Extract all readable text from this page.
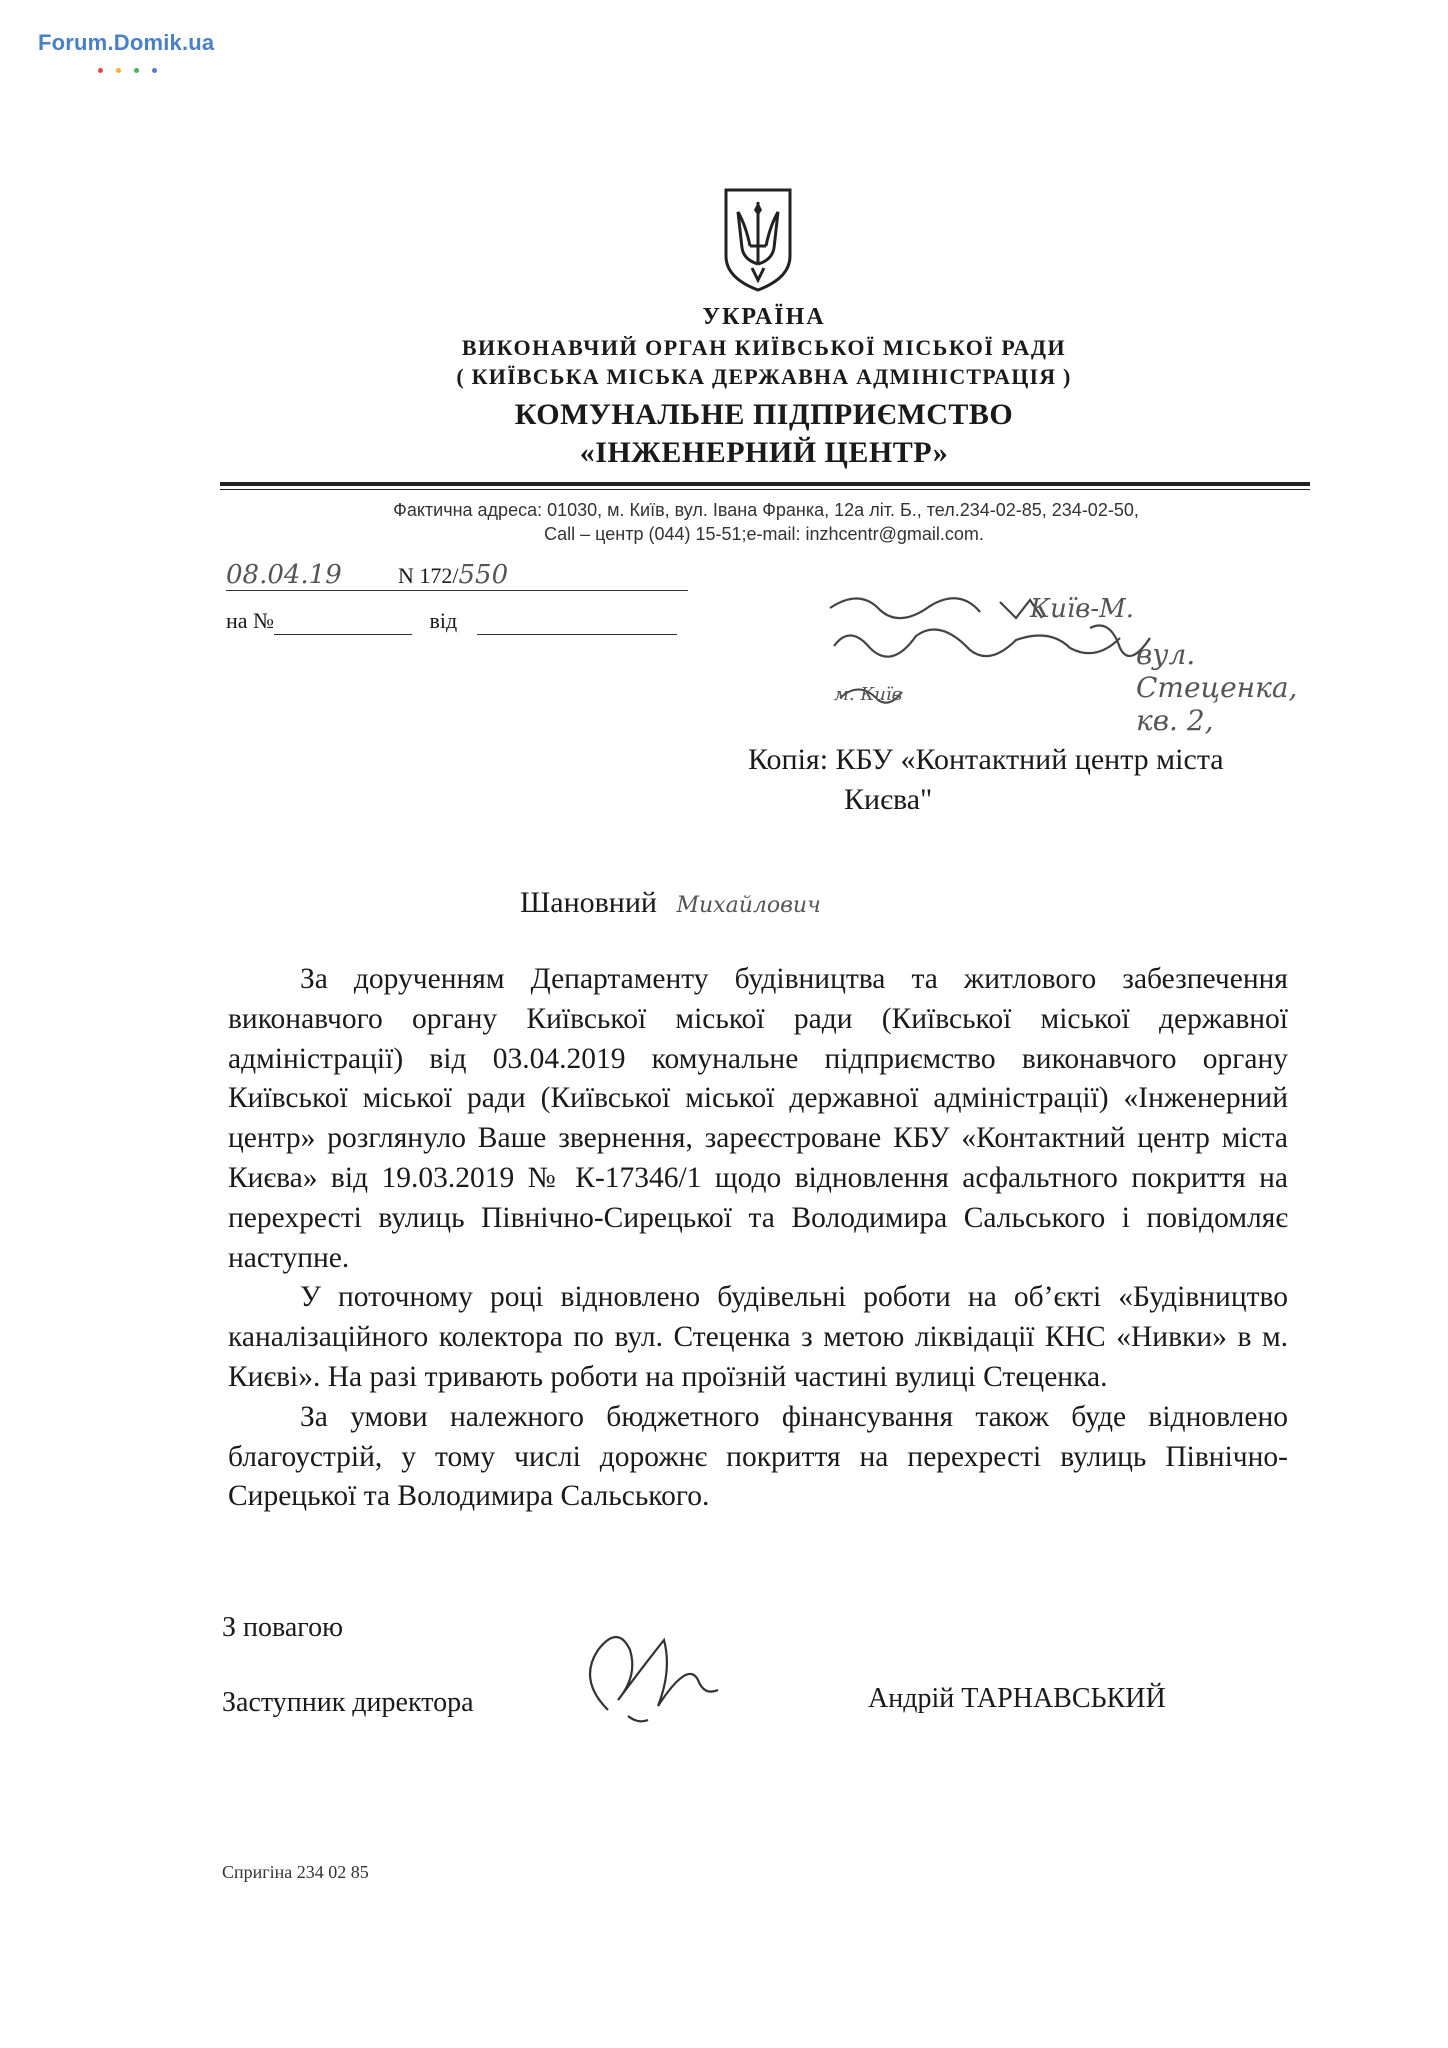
Forum.Domik.ua
УКРАЇНА
ВИКОНАВЧИЙ ОРГАН КИЇВСЬКОЇ МІСЬКОЇ РАДИ
( КИЇВСЬКА МІСЬКА ДЕРЖАВНА АДМІНІСТРАЦІЯ )
КОМУНАЛЬНЕ ПІДПРИЄМСТВО
«ІНЖЕНЕРНИЙ ЦЕНТР»
Фактична адреса: 01030, м. Київ, вул. Івана Франка, 12а літ. Б., тел.234-02-85, 234-02-50,
Call – центр (044) 15-51;e-mail: inzhcentr@gmail.com.
08.04.19	N 172/550
на №	від	Київ-М.
вул. Стеценка, кв. 2,
м. Київ
Копія: КБУ «Контактний центр міста
Києва"
Шановний Михайлович

За дорученням Департаменту будівництва та житлового забезпечення виконавчого органу Київської міської ради (Київської міської державної адміністрації) від 03.04.2019 комунальне підприємство виконавчого органу Київської міської ради (Київської міської державної адміністрації) «Інженерний центр» розглянуло Ваше звернення, зареєстроване КБУ «Контактний центр міста Києва» від 19.03.2019 № К-17346/1 щодо відновлення асфальтного покриття на перехресті вулиць Північно-Сирецької та Володимира Сальського і повідомляє наступне.

У поточному році відновлено будівельні роботи на об’єкті «Будівництво каналізаційного колектора по вул. Стеценка з метою ліквідації КНС «Нивки» в м. Києві». На разі тривають роботи на проїзній частині вулиці Стеценка.

За умови належного бюджетного фінансування також буде відновлено благоустрій, у тому числі дорожнє покриття на перехресті вулиць Північно-Сирецької та Володимира Сальського.

З повагою
Заступник директора	Андрій ТАРНАВСЬКИЙ
Спригіна 234 02 85
